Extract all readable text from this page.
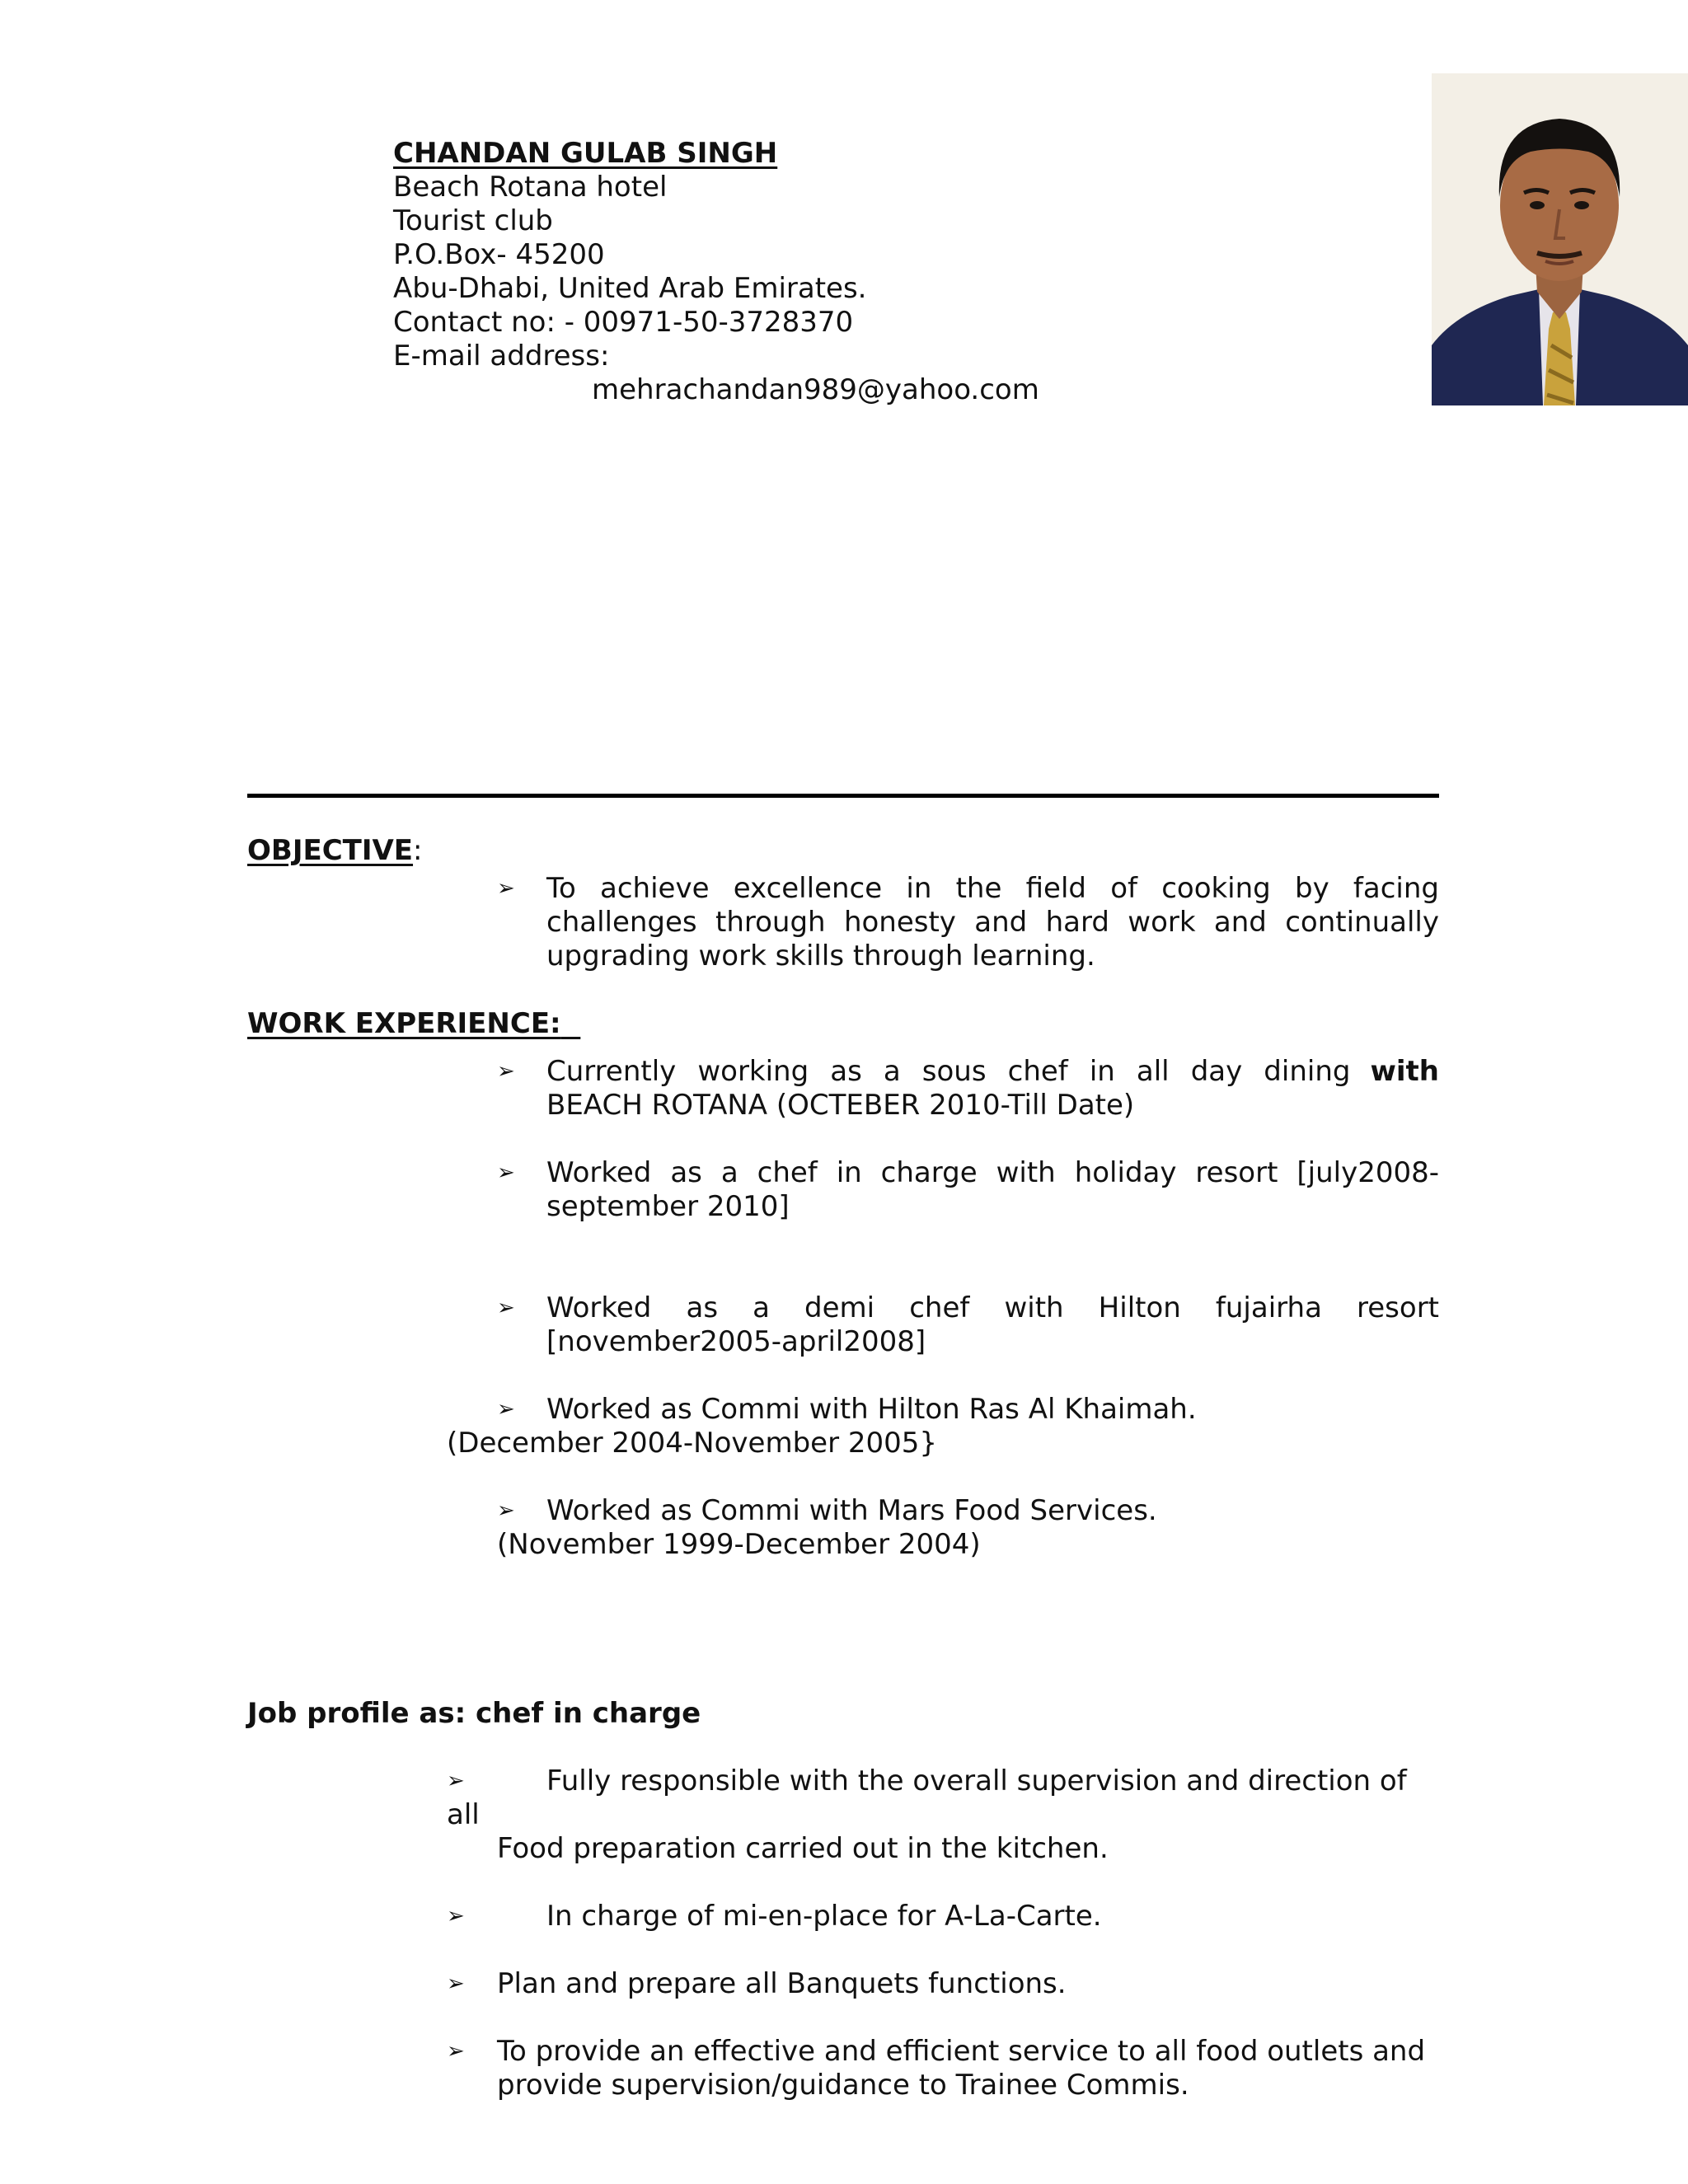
CHANDAN GULAB SINGH
Beach Rotana hotel
Tourist club
P.O.Box- 45200
Abu-Dhabi, United Arab Emirates.
Contact no: - 00971-50-3728370
E-mail address:
mehrachandan989@yahoo.com
OBJECTIVE:
➢ To achieve excellence in the field of cooking by facing
challenges through honesty and hard work and continually
upgrading work skills through learning.
WORK EXPERIENCE:
➢ Currently working as a sous chef in all day dining with
BEACH ROTANA (OCTEBER 2010-Till Date)
➢ Worked as a chef in charge with holiday resort [july2008-
september 2010]
➢ Worked as a demi chef with Hilton fujairha resort
[november2005-april2008]
➢ Worked as Commi with Hilton Ras Al Khaimah.
(December 2004-November 2005}
➢ Worked as Commi with Mars Food Services.
(November 1999-December 2004)
Job profile as: chef in charge
➢	Fully responsible with the overall supervision and direction of
all
Food preparation carried out in the kitchen.
➢	In charge of mi-en-place for A-La-Carte.
➢ Plan and prepare all Banquets functions.
➢ To provide an effective and efficient service to all food outlets and
provide supervision/guidance to Trainee Commis.
